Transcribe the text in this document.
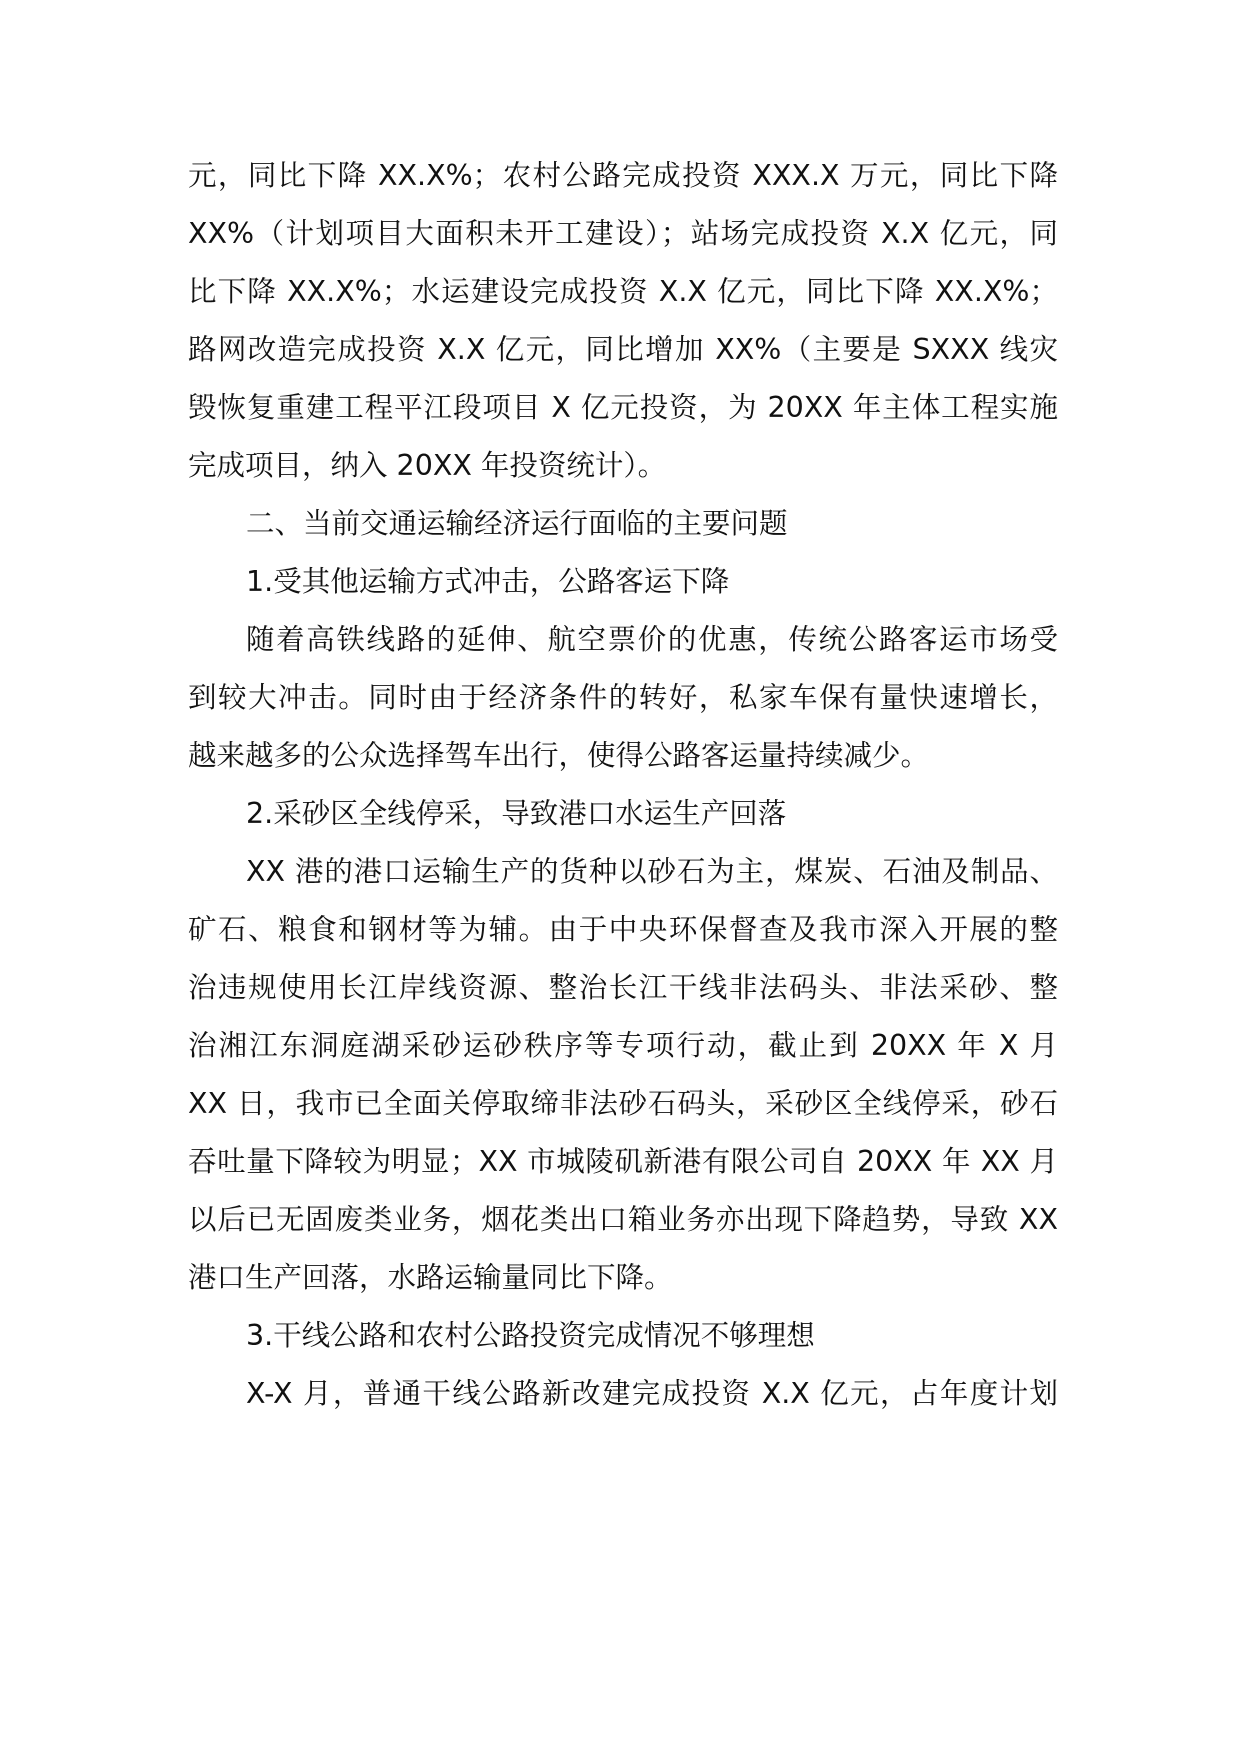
元，同比下降 XX.X%；农村公路完成投资 XXX.X 万元，同比下降
XX%（计划项目大面积未开工建设）；站场完成投资 X.X 亿元，同
比下降 XX.X%；水运建设完成投资 X.X 亿元，同比下降 XX.X%；
路网改造完成投资 X.X 亿元，同比增加 XX%（主要是 SXXX 线灾
毁恢复重建工程平江段项目 X 亿元投资，为 20XX 年主体工程实施
完成项目，纳入 20XX 年投资统计）。
二、当前交通运输经济运行面临的主要问题
1.受其他运输方式冲击，公路客运下降
随着高铁线路的延伸、航空票价的优惠，传统公路客运市场受
到较大冲击。同时由于经济条件的转好，私家车保有量快速增长，
越来越多的公众选择驾车出行，使得公路客运量持续减少。
2.采砂区全线停采，导致港口水运生产回落
XX 港的港口运输生产的货种以砂石为主，煤炭、石油及制品、
矿石、粮食和钢材等为辅。由于中央环保督查及我市深入开展的整
治违规使用长江岸线资源、整治长江干线非法码头、非法采砂、整
治湘江东洞庭湖采砂运砂秩序等专项行动，截止到 20XX 年 X 月
XX 日，我市已全面关停取缔非法砂石码头，采砂区全线停采，砂石
吞吐量下降较为明显；XX 市城陵矶新港有限公司自 20XX 年 XX 月
以后已无固废类业务，烟花类出口箱业务亦出现下降趋势，导致 XX
港口生产回落，水路运输量同比下降。
3.干线公路和农村公路投资完成情况不够理想
X-X 月，普通干线公路新改建完成投资 X.X 亿元，占年度计划
